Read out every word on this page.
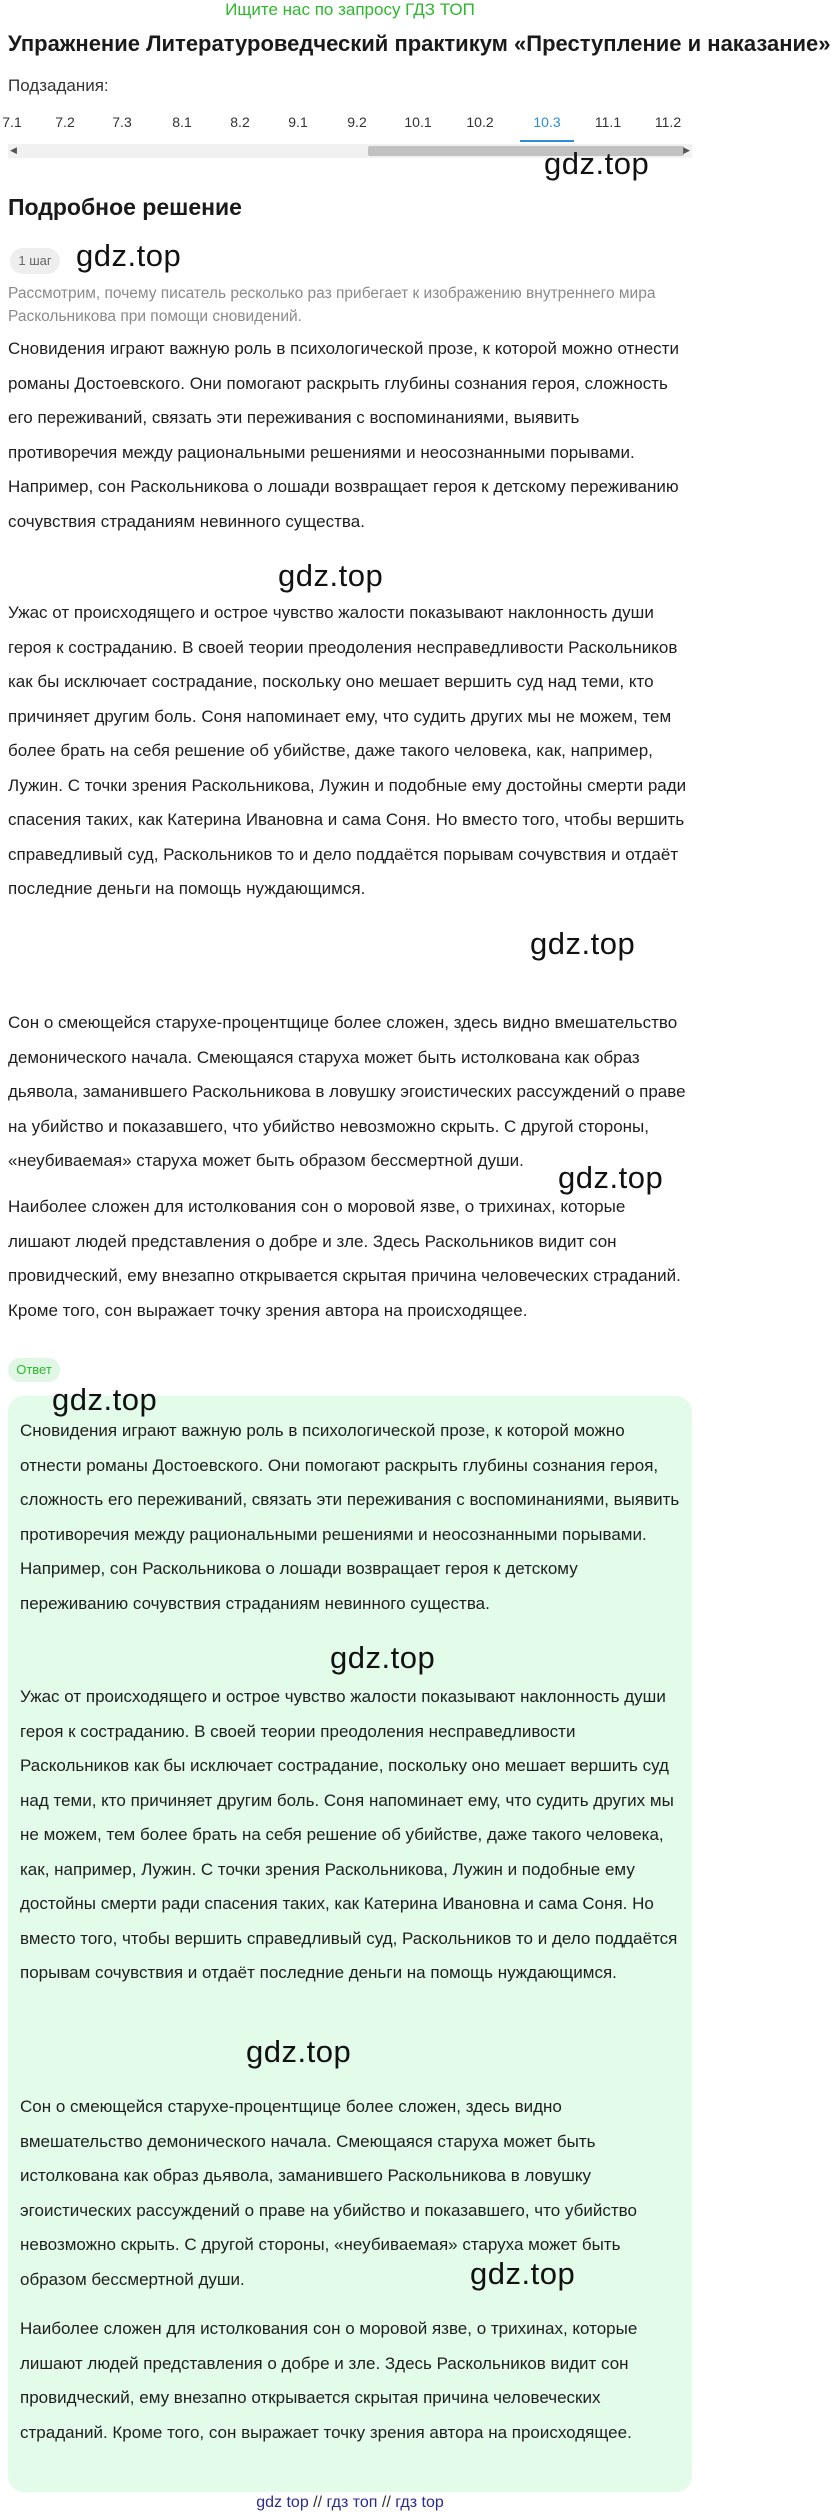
Ищите нас по запросу ГДЗ ТОП
Упражнение Литературоведческий практикум «Преступление и наказание»
Подзадания:
7.1	7.2	7.3	8.1	8.2	9.1	9.2	10.1	10.2	10.3	11.1	11.2
◀	▶
gdz.top
Подробное решение
1 шаг gdz.top

Рассмотрим, почему писатель ресколько раз прибегает к изображению внутреннего мира Раскольникова при помощи сновидений.

Сновидения играют важную роль в психологической прозе, к которой можно отнести романы Достоевского. Они помогают раскрыть глубины сознания героя, сложность его переживаний, связать эти переживания с воспоминаниями, выявить противоречия между рациональными решениями и неосознанными порывами. Например, сон Раскольникова о лошади возвращает героя к детскому переживанию сочувствия страданиям невинного существа.

gdz.top

Ужас от происходящего и острое чувство жалости показывают наклонность души героя к состраданию. В своей теории преодоления несправедливости Раскольников как бы исключает сострадание, поскольку оно мешает вершить суд над теми, кто причиняет другим боль. Соня напоминает ему, что судить других мы не можем, тем более брать на себя решение об убийстве, даже такого человека, как, например, Лужин. С точки зрения Раскольникова, Лужин и подобные ему достойны смерти ради спасения таких, как Катерина Ивановна и сама Соня. Но вместо того, чтобы вершить справедливый суд, Раскольников то и дело поддаётся порывам сочувствия и отдаёт последние деньги на помощь нуждающимся.

gdz.top

Сон о смеющейся старухе-процентщице более сложен, здесь видно вмешательство демонического начала. Смеющаяся старуха может быть истолкована как образ дьявола, заманившего Раскольникова в ловушку эгоистических рассуждений о праве на убийство и показавшего, что убийство невозможно скрыть. С другой стороны, «неубиваемая» старуха может быть образом бессмертной души.	gdz.top

Наиболее сложен для истолкования сон о моровой язве, о трихинах, которые лишают людей представления о добре и зле. Здесь Раскольников видит сон провидческий, ему внезапно открывается скрытая причина человеческих страданий. Кроме того, сон выражает точку зрения автора на происходящее.

Ответ
gdz.top

Сновидения играют важную роль в психологической прозе, к которой можно отнести романы Достоевского. Они помогают раскрыть глубины сознания героя, сложность его переживаний, связать эти переживания с воспоминаниями, выявить противоречия между рациональными решениями и неосознанными порывами. Например, сон Раскольникова о лошади возвращает героя к детскому переживанию сочувствия страданиям невинного существа.

gdz.top

Ужас от происходящего и острое чувство жалости показывают наклонность души героя к состраданию. В своей теории преодоления несправедливости Раскольников как бы исключает сострадание, поскольку оно мешает вершить суд над теми, кто причиняет другим боль. Соня напоминает ему, что судить других мы не можем, тем более брать на себя решение об убийстве, даже такого человека, как, например, Лужин. С точки зрения Раскольникова, Лужин и подобные ему достойны смерти ради спасения таких, как Катерина Ивановна и сама Соня. Но вместо того, чтобы вершить справедливый суд, Раскольников то и дело поддаётся порывам сочувствия и отдаёт последние деньги на помощь нуждающимся.

gdz.top

Сон о смеющейся старухе-процентщице более сложен, здесь видно вмешательство демонического начала. Смеющаяся старуха может быть истолкована как образ дьявола, заманившего Раскольникова в ловушку эгоистических рассуждений о праве на убийство и показавшего, что убийство невозможно скрыть. С другой стороны, «неубиваемая» старуха может быть образом бессмертной души.	gdz.top

Наиболее сложен для истолкования сон о моровой язве, о трихинах, которые лишают людей представления о добре и зле. Здесь Раскольников видит сон провидческий, ему внезапно открывается скрытая причина человеческих страданий. Кроме того, сон выражает точку зрения автора на происходящее.

gdz top // гдз топ // гдз top
